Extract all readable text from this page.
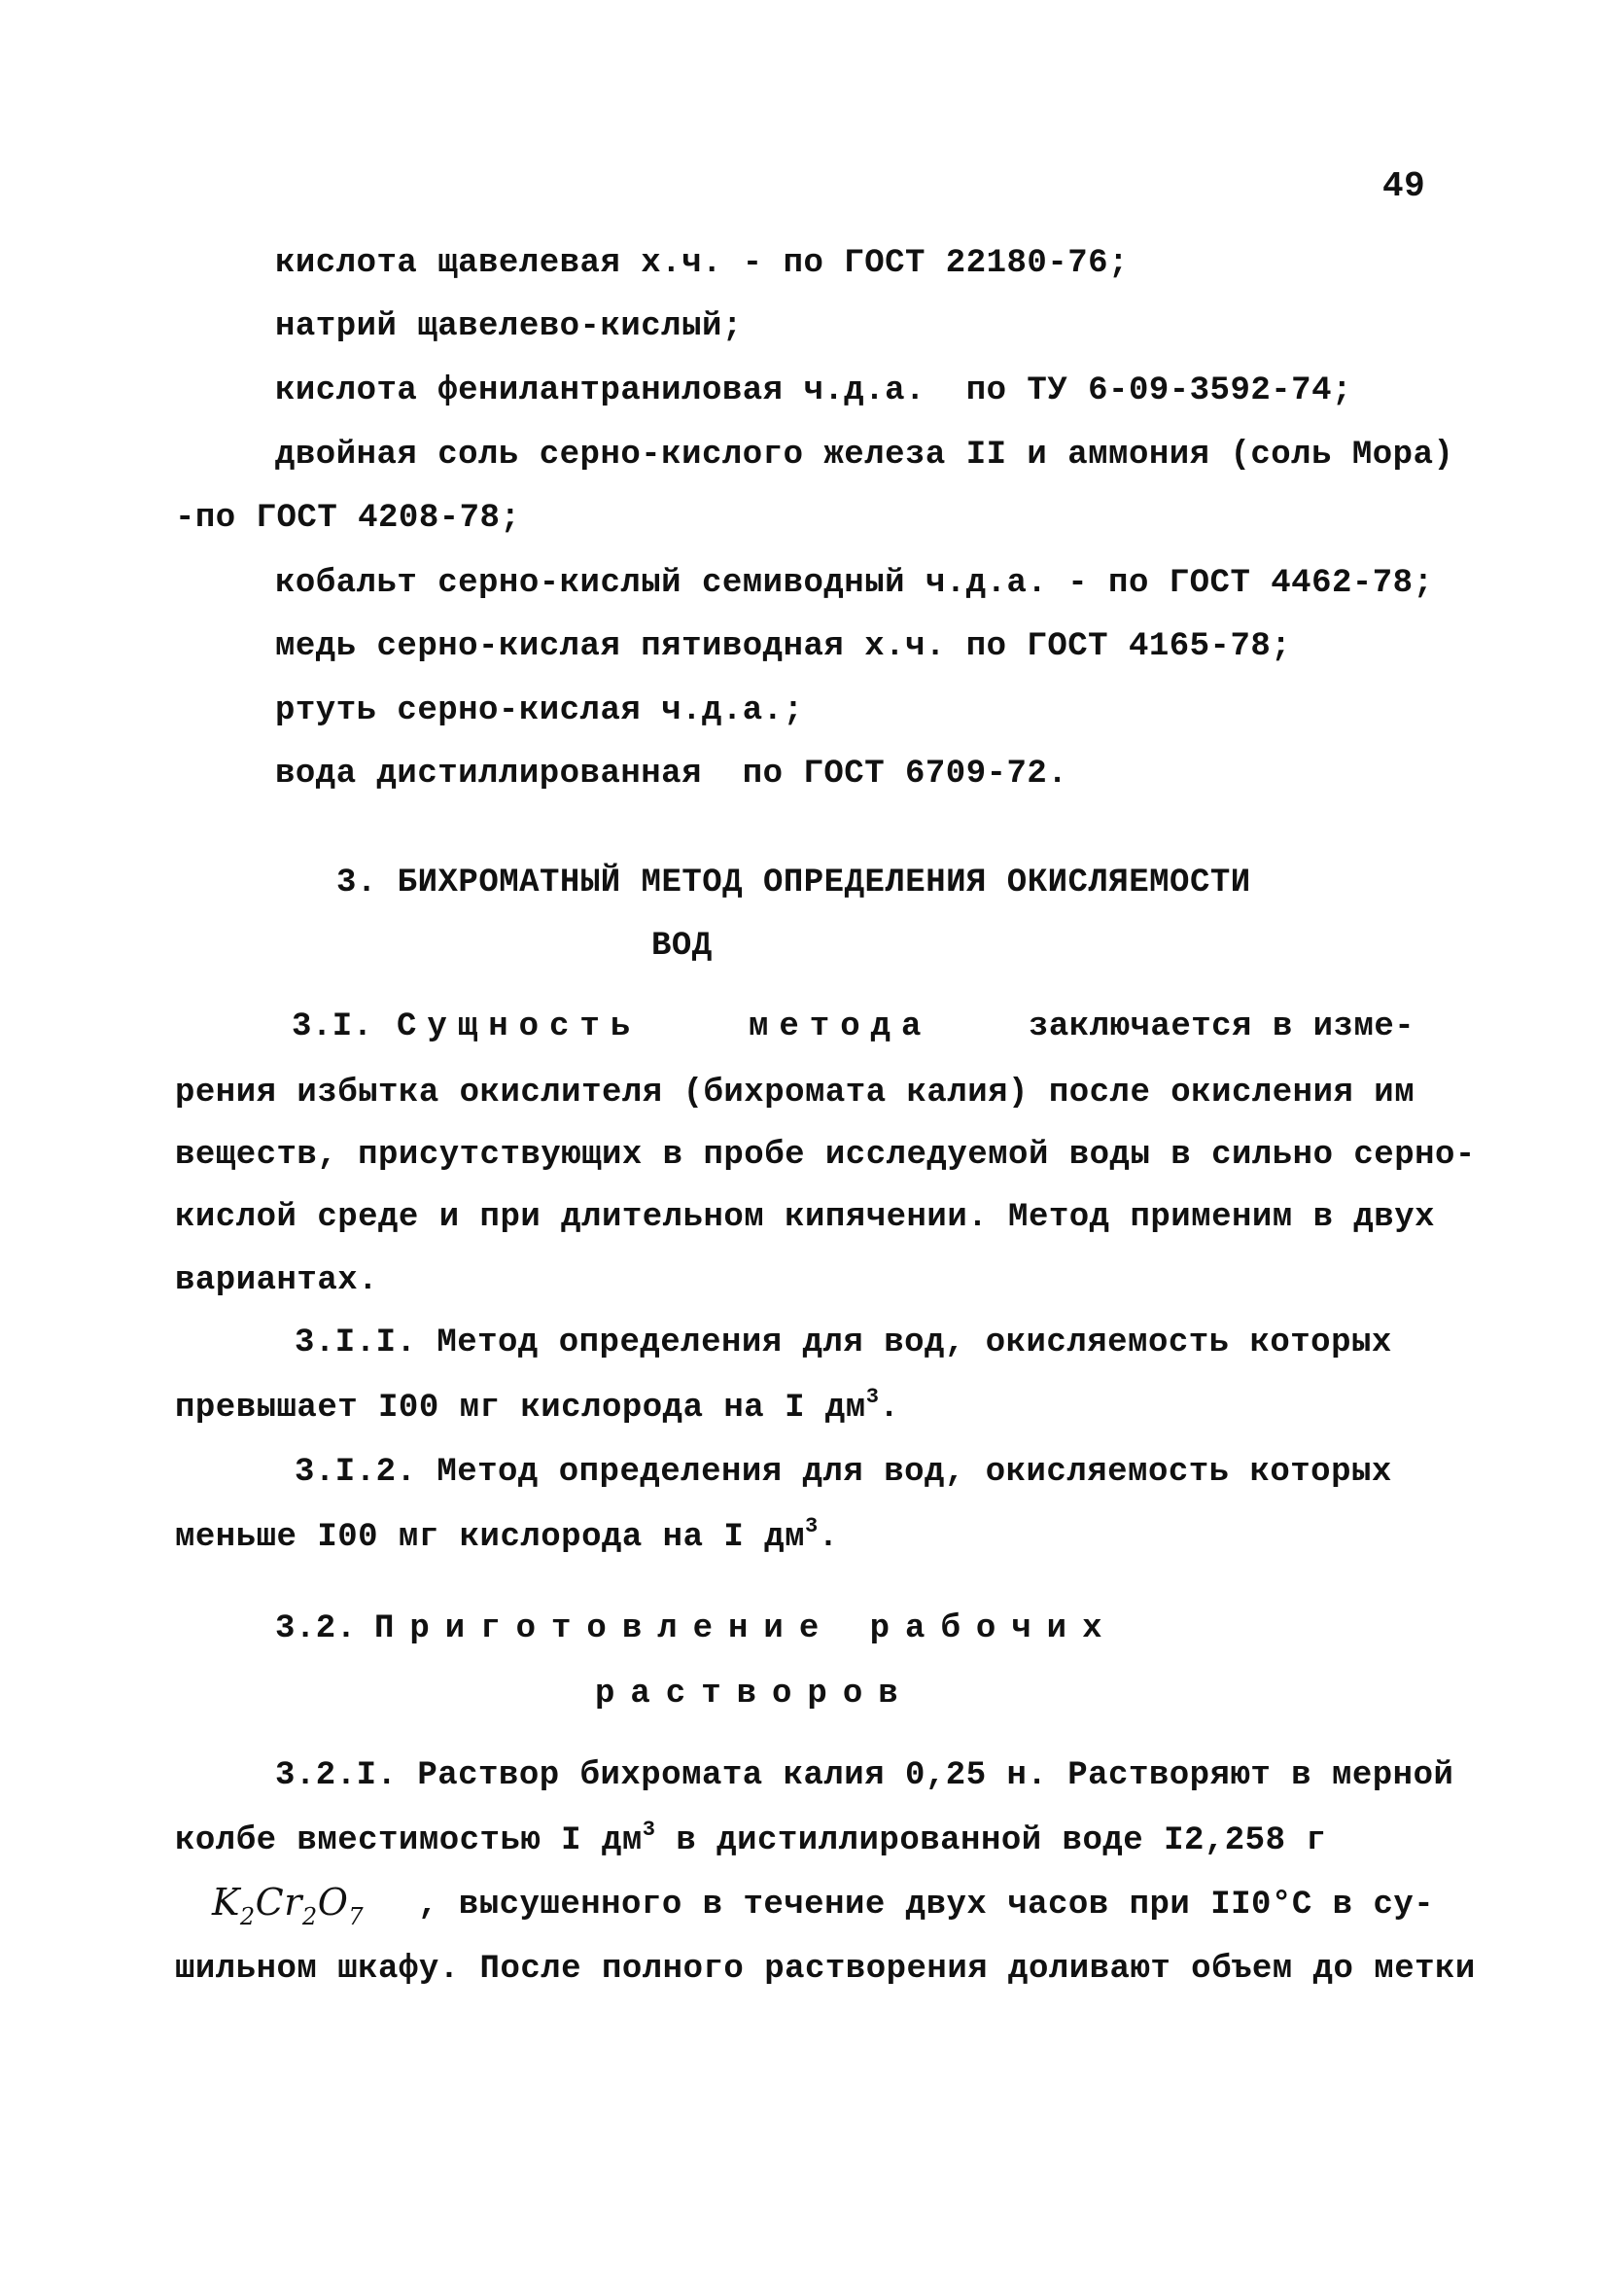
49

кислота щавелевая х.ч. - по ГОСТ 22180-76;

натрий щавелево-кислый;

кислота фенилантраниловая ч.д.а.  по ТУ 6-09-3592-74;

двойная соль серно-кислого железа II и аммония (соль Мора)

-по ГОСТ 4208-78;

кобальт серно-кислый семиводный ч.д.а. - по ГОСТ 4462-78;

медь серно-кислая пятиводная х.ч. по ГОСТ 4165-78;

ртуть серно-кислая ч.д.а.;

вода дистиллированная  по ГОСТ 6709-72.

3. БИХРОМАТНЫЙ МЕТОД ОПРЕДЕЛЕНИЯ ОКИСЛЯЕМОСТИ

ВОД

3.I. Сущность	метода	заключается в измe-

рения избытка окислителя (бихромата калия) после окисления им

веществ, присутствующих в пробе исследуемой воды в сильно серно-

кислой среде и при длительном кипячении. Метод применим в двух

вариантах.

3.I.I. Метод определения для вод, окисляемость которых

превышает I00 мг кислорода на I $дм^3$.

3.I.2. Метод определения для вод, окисляемость которых

меньше I00 мг кислорода на I $дм^3$.

3.2. Приготовление рабочих

растворов

3.2.I. Раствор бихромата калия 0,25 н. Растворяют в мерной

колбе вместимостью I $дм^3$ в дистиллированной воде I2,258 г

$K_2Cr_2O_7$ , высушенного в течение двух часов при II0°С в су-

шильном шкафу. После полного растворения доливают объем до метки
